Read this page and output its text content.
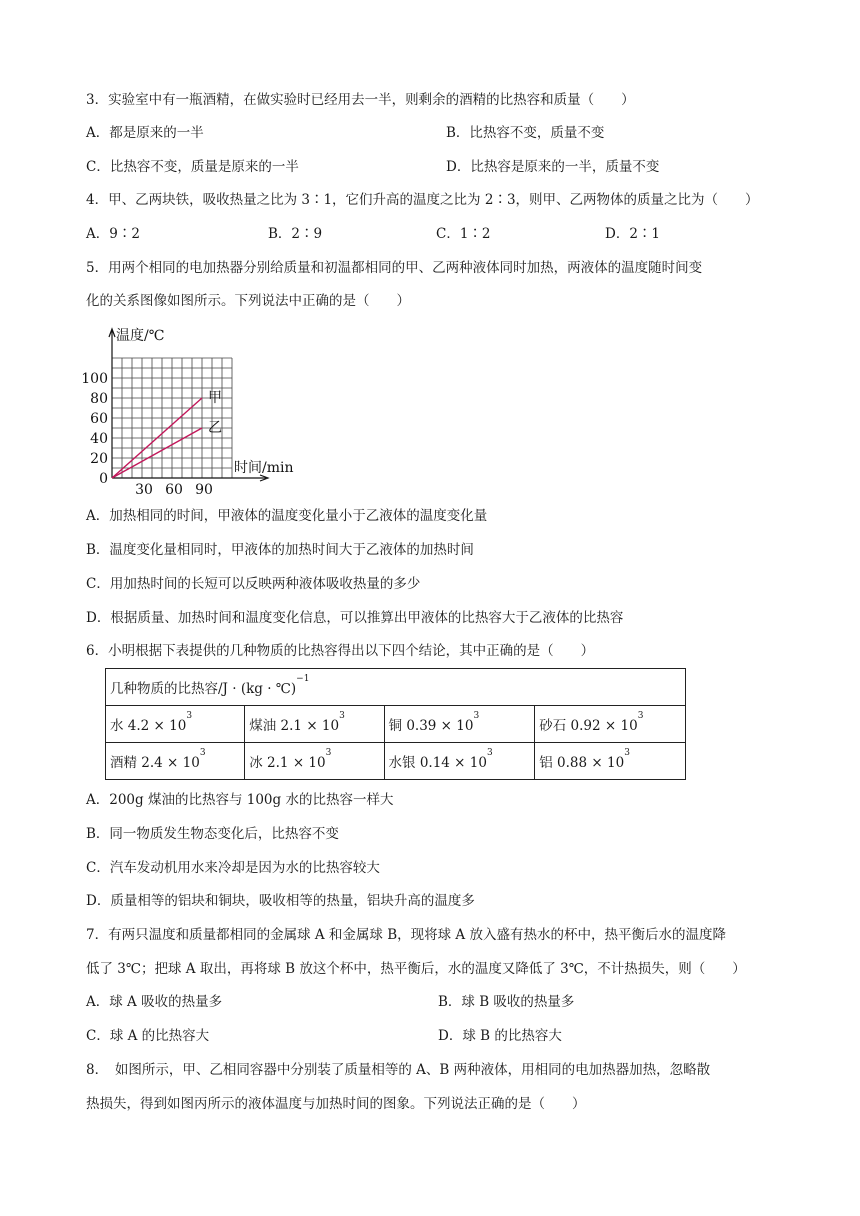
3．实验室中有一瓶酒精，在做实验时已经用去一半，则剩余的酒精的比热容和质量（　　）
A．都是原来的一半	B．比热容不变，质量不变
C．比热容不变，质量是原来的一半	D．比热容是原来的一半，质量不变
4．甲、乙两块铁，吸收热量之比为 3∶1，它们升高的温度之比为 2∶3，则甲、乙两物体的质量之比为（　　）
A．9∶2	B．2∶9	C．1∶2	D．2∶1
5．用两个相同的电加热器分别给质量和初温都相同的甲、乙两种液体同时加热，两液体的温度随时间变
化的关系图像如图所示。下列说法中正确的是（　　）
100
80
60
40
20
0
30 60 90
温度/℃
时间/min
甲
乙
A．加热相同的时间，甲液体的温度变化量小于乙液体的温度变化量
B．温度变化量相同时，甲液体的加热时间大于乙液体的加热时间
C．用加热时间的长短可以反映两种液体吸收热量的多少
D．根据质量、加热时间和温度变化信息，可以推算出甲液体的比热容大于乙液体的比热容
6．小明根据下表提供的几种物质的比热容得出以下四个结论，其中正确的是（　　）
几种物质的比热容/J · (kg · ℃)$^{-1}$
水 $4.2 \times 10^3$	煤油 $2.1 \times 10^3$	铜 $0.39 \times 10^3$	砂石 $0.92 \times 10^3$
酒精 $2.4 \times 10^3$	冰 $2.1 \times 10^3$	水银 $0.14 \times 10^3$	铝 $0.88 \times 10^3$
A．200g 煤油的比热容与 100g 水的比热容一样大
B．同一物质发生物态变化后，比热容不变
C．汽车发动机用水来冷却是因为水的比热容较大
D．质量相等的铝块和铜块，吸收相等的热量，铝块升高的温度多
7．有两只温度和质量都相同的金属球 A 和金属球 B，现将球 A 放入盛有热水的杯中，热平衡后水的温度降
低了 3℃；把球 A 取出，再将球 B 放这个杯中，热平衡后，水的温度又降低了 3℃，不计热损失，则（　　）
A．球 A 吸收的热量多	B．球 B 吸收的热量多
C．球 A 的比热容大	D．球 B 的比热容大
8．　如图所示，甲、乙相同容器中分别装了质量相等的 A、B 两种液体，用相同的电加热器加热，忽略散
热损失，得到如图丙所示的液体温度与加热时间的图象。下列说法正确的是（　　）
